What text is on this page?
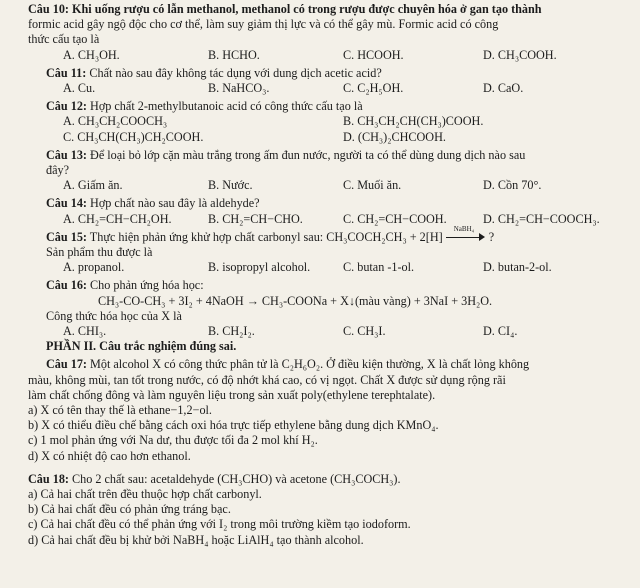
Câu 10: Khi uống rượu có lẫn methanol, methanol có trong rượu được chuyên hóa ở gan tạo thành
formic acid gây ngộ độc cho cơ thể, làm suy giảm thị lực và có thể gây mù. Formic acid có công
thức cấu tạo là
A. CH₃OH.	B. HCHO.	C. HCOOH.	D. CH₃COOH.
Câu 11: Chất nào sau đây không tác dụng với dung dịch acetic acid?
A. Cu.	B. NaHCO₃.	C. C₂H₅OH.	D. CaO.
Câu 12: Hợp chất 2-methylbutanoic acid có công thức cấu tạo là
A. CH₃CH₂COOCH₃	B. CH₃CH₂CH(CH₃)COOH.
C. CH₃CH(CH₃)CH₂COOH.	D. (CH₃)₂CHCOOH.
Câu 13: Để loại bỏ lớp cặn màu trắng trong ấm đun nước, người ta có thể dùng dung dịch nào sau
đây?
A. Giấm ăn.	B. Nước.	C. Muối ăn.	D. Cồn 70°.
Câu 14: Hợp chất nào sau đây là aldehyde?
A. CH₂=CH−CH₂OH.	B. CH₂=CH−CHO.	C. CH₂=CH−COOH.	D. CH₂=CH−COOCH₃.
Câu 15: Thực hiện phản ứng khử hợp chất carbonyl sau: CH₃COCH₂CH₃ + 2[H]
NaBH₄
?
Sản phẩm thu được là
A. propanol.	B. isopropyl alcohol.	C. butan -1-ol.	D. butan-2-ol.
Câu 16: Cho phản ứng hóa học:
CH₃-CO-CH₃ + 3I₂ + 4NaOH → CH₃-COONa + X↓(màu vàng) + 3NaI + 3H₂O.
Công thức hóa học của X là
A. CHI₃.	B. CH₂I₂.	C. CH₃I.	D. CI₄.
PHẦN II. Câu trắc nghiệm đúng sai.
Câu 17: Một alcohol X có công thức phân tử là C₂H₆O₂. Ở điều kiện thường, X là chất lỏng không
màu, không mùi, tan tốt trong nước, có độ nhớt khá cao, có vị ngọt. Chất X được sử dụng rộng rãi
làm chất chống đông và làm nguyên liệu trong sản xuất poly(ethylene terephtalate).
a) X có tên thay thế là ethane−1,2−ol.
b) X có thiểu điều chế bằng cách oxi hóa trực tiếp ethylene bằng dung dịch KMnO₄.
c) 1 mol phản ứng với Na dư, thu được tối đa 2 mol khí H₂.
d) X có nhiệt độ cao hơn ethanol.
Câu 18: Cho 2 chất sau: acetaldehyde (CH₃CHO) và acetone (CH₃COCH₃).
a) Cả hai chất trên đều thuộc hợp chất carbonyl.
b) Cả hai chất đều có phản ứng tráng bạc.
c) Cả hai chất đều có thể phản ứng với I₂ trong môi trường kiềm tạo iodoform.
d) Cả hai chất đều bị khử bởi NaBH₄ hoặc LiAlH₄ tạo thành alcohol.
